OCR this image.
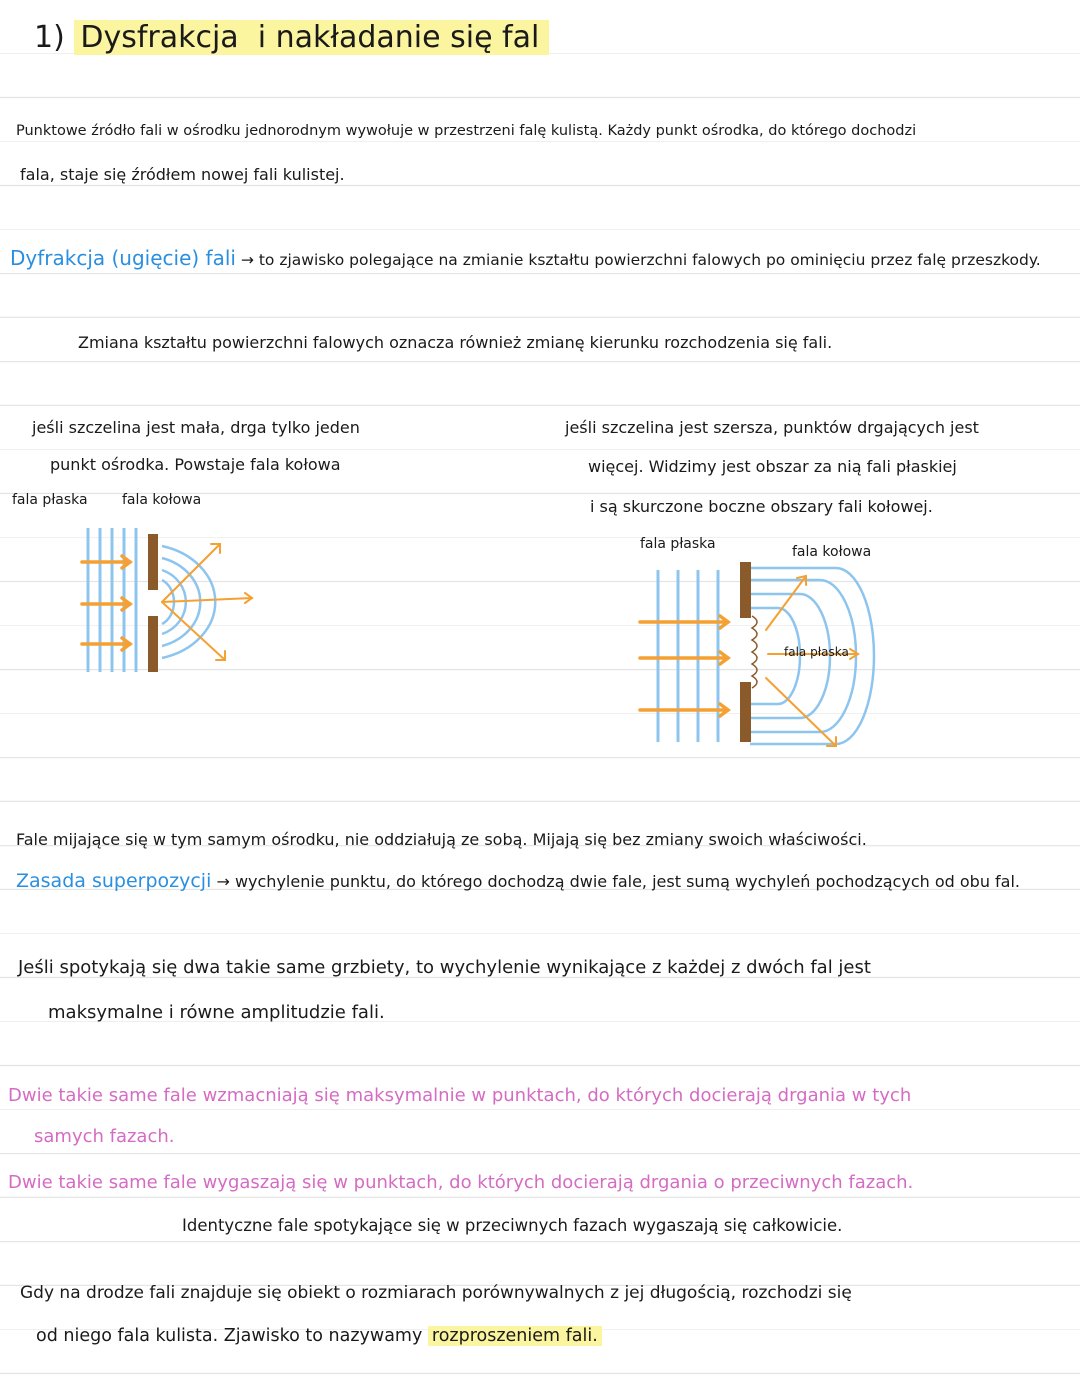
1) Dysfrakcja i nakładanie się fal
Punktowe źródło fali w ośrodku jednorodnym wywołuje w przestrzeni falę kulistą. Każdy punkt ośrodka, do którego dochodzi
fala, staje się źródłem nowej fali kulistej.
Dyfrakcja (ugięcie) fali → to zjawisko polegające na zmianie kształtu powierzchni falowych po ominięciu przez falę przeszkody.
Zmiana kształtu powierzchni falowych oznacza również zmianę kierunku rozchodzenia się fali.
jeśli szczelina jest mała, drga tylko jeden
punkt ośrodka. Powstaje fala kołowa
fala płaska fala kołowa
jeśli szczelina jest szersza, punktów drgających jest
więcej. Widzimy jest obszar za nią fali płaskiej
i są skurczone boczne obszary fali kołowej.
fala płaska	fala kołowa
fala płaska
Fale mijające się w tym samym ośrodku, nie oddziałują ze sobą. Mijają się bez zmiany swoich właściwości.
Zasada superpozycji → wychylenie punktu, do którego dochodzą dwie fale, jest sumą wychyleń pochodzących od obu fal.
Jeśli spotykają się dwa takie same grzbiety, to wychylenie wynikające z każdej z dwóch fal jest
maksymalne i równe amplitudzie fali.
Dwie takie same fale wzmacniają się maksymalnie w punktach, do których docierają drgania w tych
samych fazach.
Dwie takie same fale wygaszają się w punktach, do których docierają drgania o przeciwnych fazach.
Identyczne fale spotykające się w przeciwnych fazach wygaszają się całkowicie.
Gdy na drodze fali znajduje się obiekt o rozmiarach porównywalnych z jej długością, rozchodzi się
od niego fala kulista. Zjawisko to nazywamy rozproszeniem fali.
